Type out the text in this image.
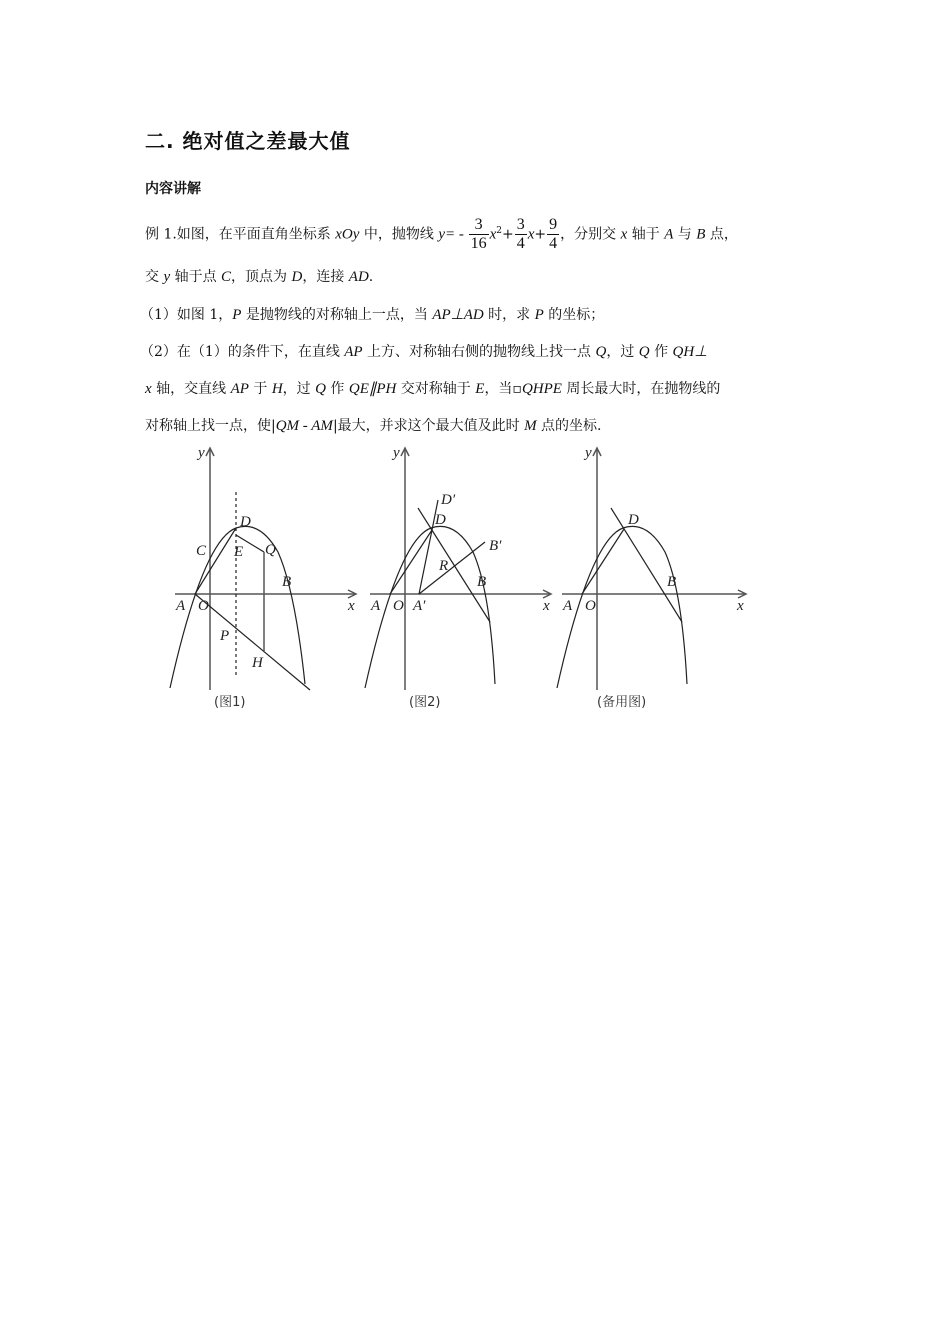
二. 绝对值之差最大值
内容讲解
例 1.如图，在平面直角坐标系 xOy 中，抛物线 $y= - \frac{3}{16} x^2+ \frac{3}{4} x+ \frac{9}{4}$ ，分别交 x 轴于 A 与 B 点，
交 y 轴于点 C，顶点为 D，连接 AD.
（1）如图 1，P 是抛物线的对称轴上一点，当 AP⊥AD 时，求 P 的坐标；
（2）在（1）的条件下，在直线 AP 上方、对称轴右侧的抛物线上找一点 Q，过 Q 作 QH⊥
x 轴，交直线 AP 于 H，过 Q 作 QE∥PH 交对称轴于 E，当▫QHPE 周长最大时，在抛物线的
对称轴上找一点，使|QM - AM|最大，并求这个最大值及此时 M 点的坐标.
y
x
A O
C
D
E Q
B
P
H
(图1)
y
x
A O A′
D
D′
B′
R
B
(图2)
y
x
A O
D
B
(备用图)
